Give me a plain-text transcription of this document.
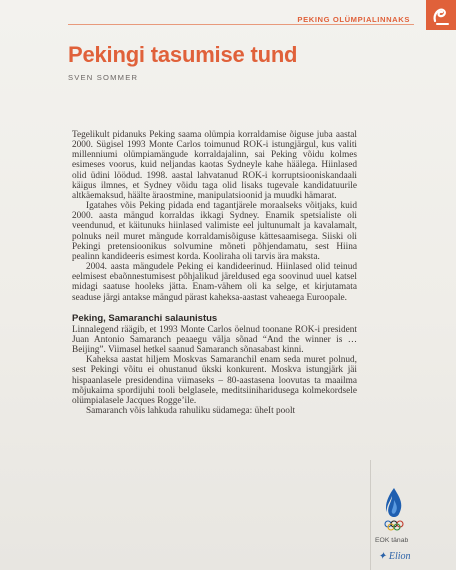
PEKING OLÜMPIALINNAKS
Pekingi tasumise tund
SVEN SOMMER

Tegelikult pidanuks Peking saama olümpia korraldamise õiguse juba aastal 2000. Sügisel 1993 Monte Carlos toimunud ROK-i istungjärgul, kus valiti millenniumi olümpiamängude korraldajalinn, sai Peking võidu kolmes esimeses voorus, kuid neljandas kaotas Sydneyle kahe häälega. Hiinlased olid üdini löödud. 1998. aastal lahvatanud ROK-i korruptsiooniskandaali käigus ilmnes, et Sydney võidu taga olid lisaks tugevale kandidatuurile altkäemaksud, häälte äraostmine, manipulatsioonid ja muudki hämarat.

Igatahes võis Peking pidada end tagantjärele moraalseks võitjaks, kuid 2000. aasta mängud korraldas ikkagi Sydney. Enamik spetsialiste oli veendunud, et käitunuks hiinlased valimiste eel jultunumalt ja kavalamalt, polnuks neil muret mängude korraldamisõiguse kättesaamisega. Siiski oli Pekingi pretensioonikus solvumine mõneti põhjendamatu, sest Hiina pealinn kandideeris esimest korda. Kooliraha oli tarvis ära maksta.

2004. aasta mängudele Peking ei kandideerinud. Hiinlased olid teinud eelmisest ebaõnnestumisest põhjalikud järeldused ega soovinud uuel katsel midagi saatuse hooleks jätta. Enam-vähem oli ka selge, et kirjutamata seaduse järgi antakse mängud pärast kaheksa-aastast vaheaega Euroopale.

Peking, Samaranchi salaunistus

Linnalegend räägib, et 1993 Monte Carlos öelnud toonane ROK-i president Juan Antonio Samaranch peaaegu välja sõnad “And the winner is … Beijing”. Viimasel hetkel saanud Samaranch sõnasabast kinni.

Kaheksa aastat hiljem Moskvas Samaranchil enam seda muret polnud, sest Pekingi võitu ei ohustanud ükski konkurent. Moskva istungjärk jäi hispaanlasele presidendina viimaseks – 80-aastasena loovutas ta maailma mõjukaima spordijuhi tooli belglasele, meditsiiniharidusega kolmekordsele olümpialasele Jacques Rogge’ile.

Samaranch võis lahkuda rahuliku südamega: üheIt poolt

EOK tänab
✦ Elion
